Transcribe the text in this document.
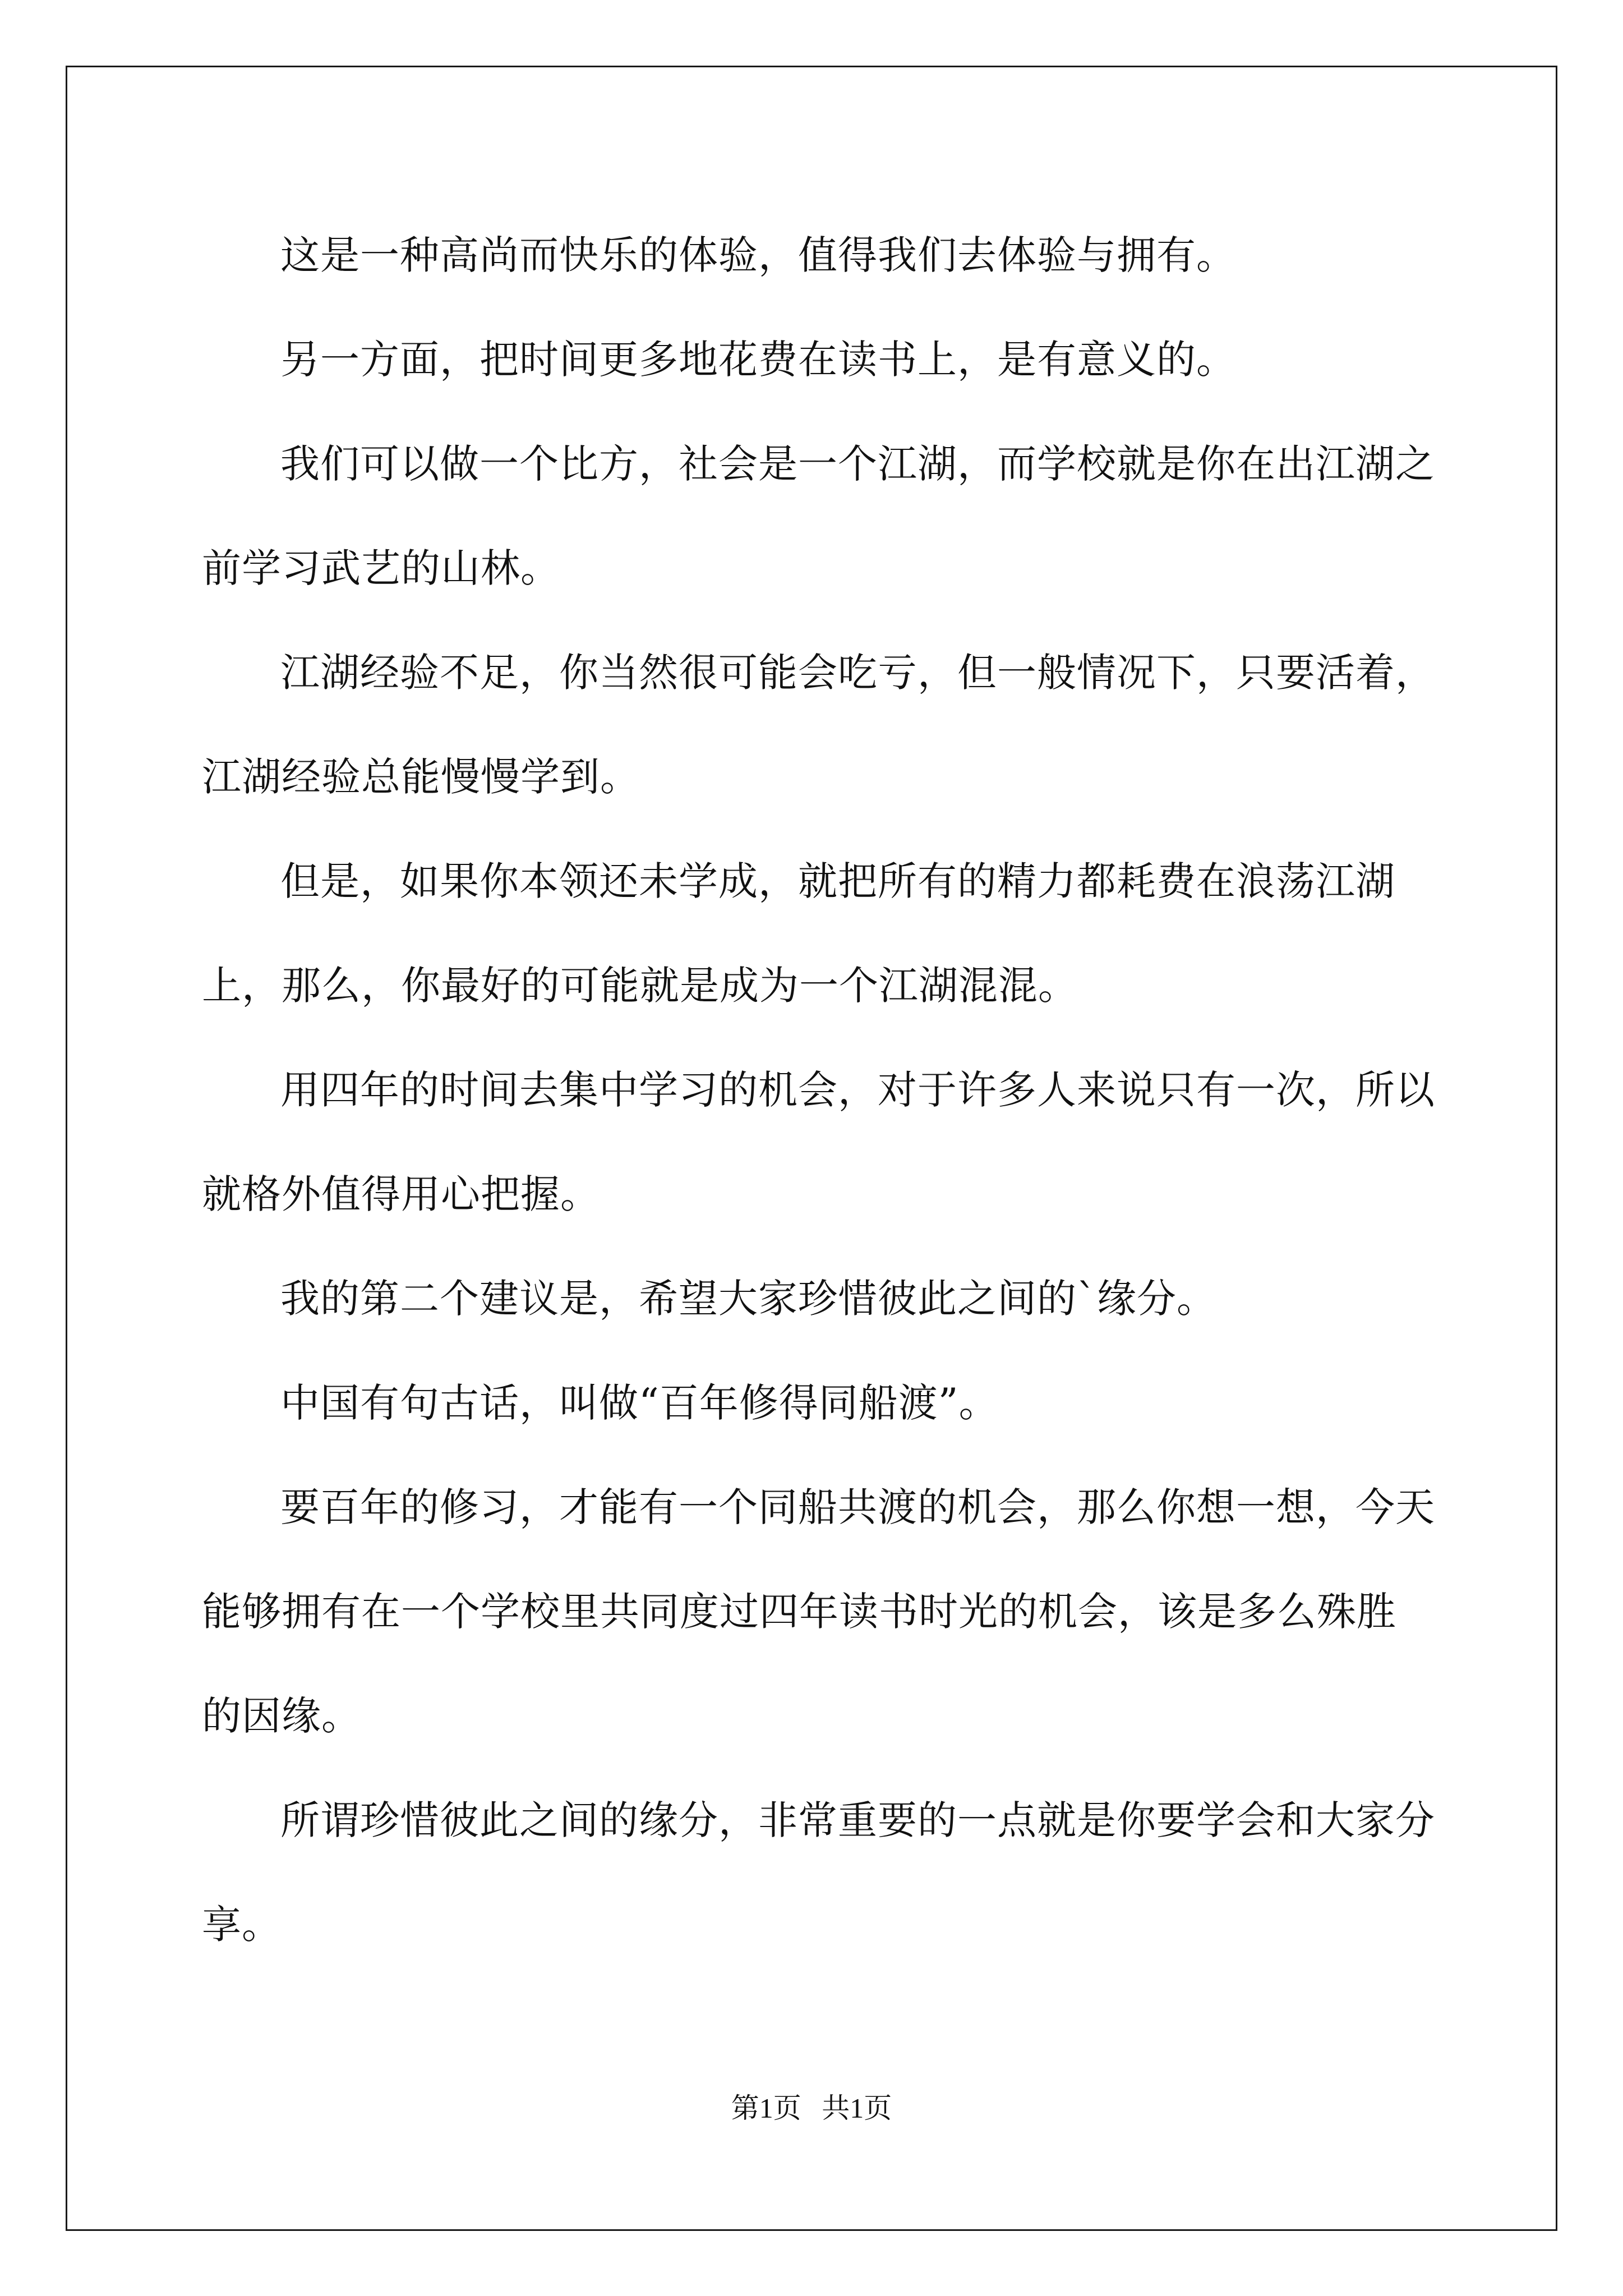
这是一种高尚而快乐的体验，值得我们去体验与拥有。

另一方面，把时间更多地花费在读书上，是有意义的。

我们可以做一个比方，社会是一个江湖，而学校就是你在出江湖之前学习武艺的山林。

江湖经验不足，你当然很可能会吃亏，但一般情况下，只要活着，江湖经验总能慢慢学到。

但是，如果你本领还未学成，就把所有的精力都耗费在浪荡江湖上，那么，你最好的可能就是成为一个江湖混混。

用四年的时间去集中学习的机会，对于许多人来说只有一次，所以就格外值得用心把握。

我的第二个建议是，希望大家珍惜彼此之间的`缘分。

中国有句古话，叫做“百年修得同船渡”。

要百年的修习，才能有一个同船共渡的机会，那么你想一想，今天能够拥有在一个学校里共同度过四年读书时光的机会，该是多么殊胜的因缘。

所谓珍惜彼此之间的缘分，非常重要的一点就是你要学会和大家分享。

第1页 共1页
